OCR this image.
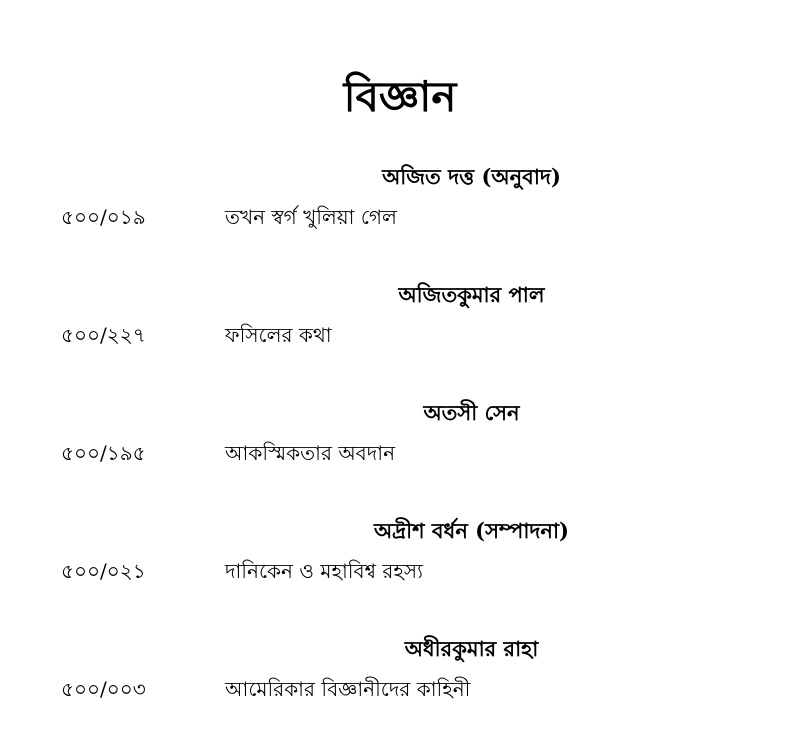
বিজ্ঞান
অজিত দত্ত (অনুবাদ)
৫০০/০১৯	তখন স্বর্গ খুলিয়া গেল
অজিতকুমার পাল
৫০০/২২৭	ফসিলের কথা
অতসী সেন
৫০০/১৯৫	আকস্মিকতার অবদান
অদ্রীশ বর্ধন (সম্পাদনা)
৫০০/০২১	দানিকেন ও মহাবিশ্ব রহস্য
অধীরকুমার রাহা
৫০০/০০৩	আমেরিকার বিজ্ঞানীদের কাহিনী
